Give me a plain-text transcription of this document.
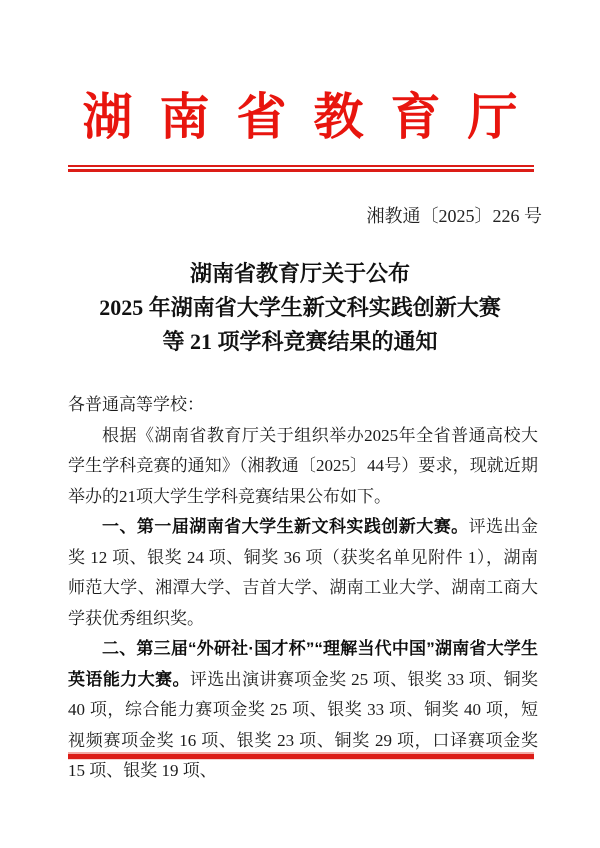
湖南省教育厅
湘教通〔2025〕226 号
湖南省教育厅关于公布
2025 年湖南省大学生新文科实践创新大赛
等 21 项学科竞赛结果的通知

各普通高等学校：

根据《湖南省教育厅关于组织举办2025年全省普通高校大学生学科竞赛的通知》（湘教通〔2025〕44号）要求，现就近期举办的21项大学生学科竞赛结果公布如下。

一、第一届湖南省大学生新文科实践创新大赛。评选出金奖 12 项、银奖 24 项、铜奖 36 项（获奖名单见附件 1），湖南师范大学、湘潭大学、吉首大学、湖南工业大学、湖南工商大学获优秀组织奖。

二、第三届“外研社·国才杯”“理解当代中国”湖南省大学生英语能力大赛。评选出演讲赛项金奖 25 项、银奖 33 项、铜奖 40 项，综合能力赛项金奖 25 项、银奖 33 项、铜奖 40 项，短视频赛项金奖 16 项、银奖 23 项、铜奖 29 项，口译赛项金奖 15 项、银奖 19 项、
